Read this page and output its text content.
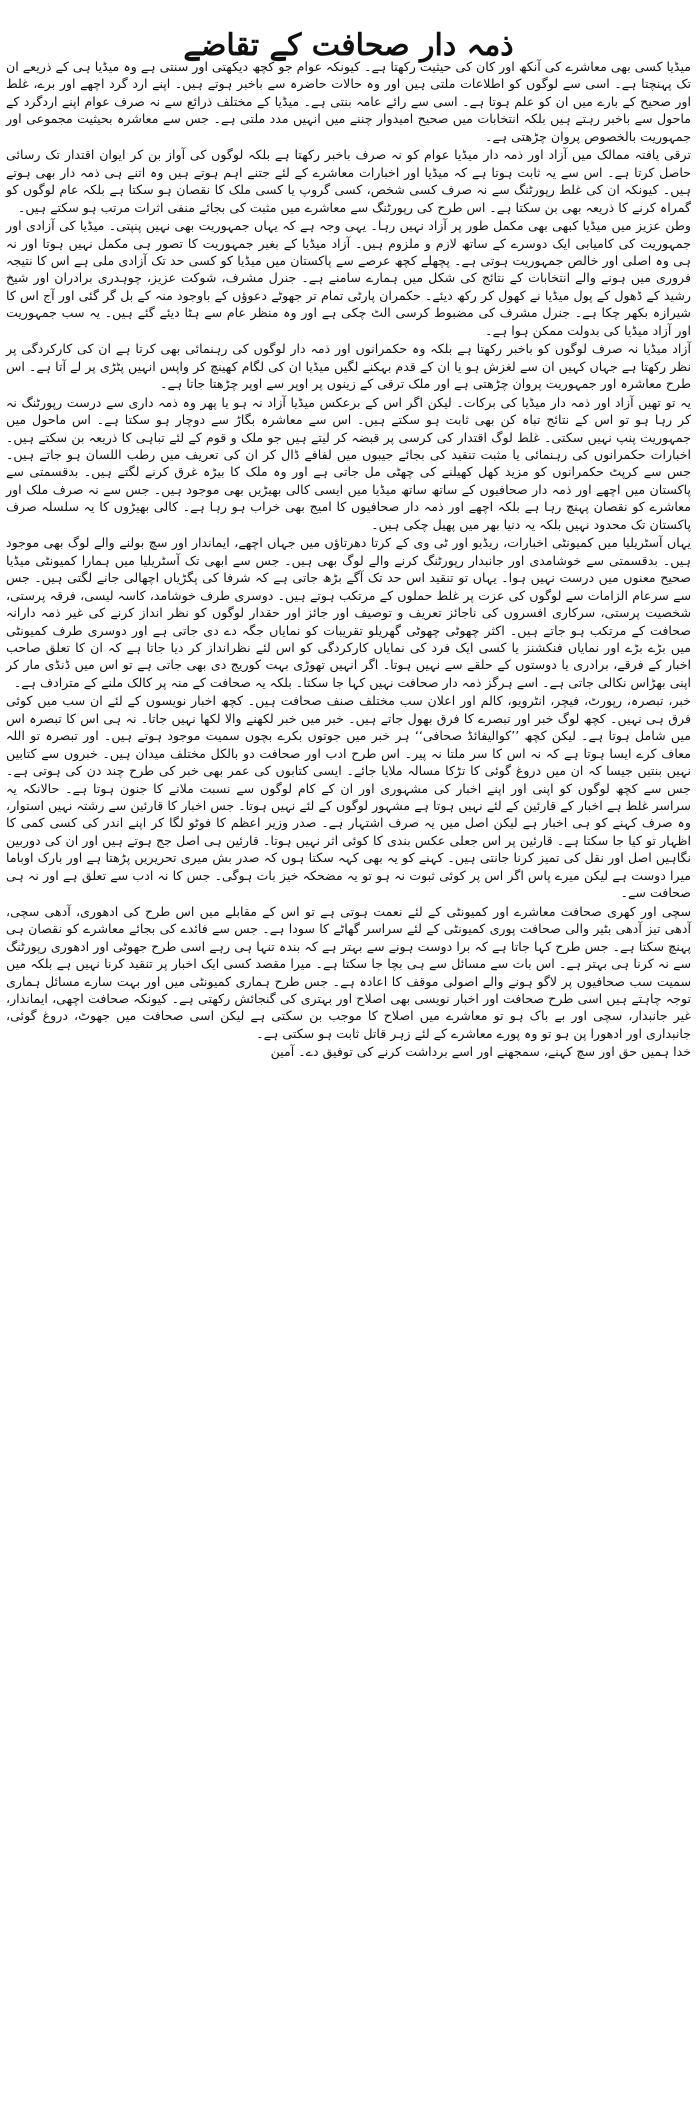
ذمہ دار صحافت کے تقاضے

میڈیا کسی بھی معاشرے کی آنکھ اور کان کی حیثیت رکھتا ہے۔ کیونکہ عوام جو کچھ دیکھتی اور سنتی ہے وہ میڈیا ہی کے ذریعے ان تک پہنچتا ہے۔ اسی سے لوگوں کو اطلاعات ملتی ہیں اور وہ حالات حاضرہ سے باخبر ہوتے ہیں۔ اپنے ارد گرد اچھے اور برے، غلط اور صحیح کے بارے میں ان کو علم ہوتا ہے۔ اسی سے رائے عامہ بنتی ہے۔ میڈیا کے مختلف ذرائع سے نہ صرف عوام اپنے اردگرد کے ماحول سے باخبر رہتے ہیں بلکہ انتخابات میں صحیح امیدوار چننے میں انہیں مدد ملتی ہے۔ جس سے معاشرہ بحیثیت مجموعی اور جمہوریت بالخصوص پروان چڑھتی ہے۔

ترقی یافتہ ممالک میں آزاد اور ذمہ دار میڈیا عوام کو نہ صرف باخبر رکھتا ہے بلکہ لوگوں کی آواز بن کر ایوان اقتدار تک رسائی حاصل کرتا ہے۔ اس سے یہ ثابت ہوتا ہے کہ میڈیا اور اخبارات معاشرے کے لئے جتنے اہم ہوتے ہیں وہ اتنے ہی ذمہ دار بھی ہوتے ہیں۔ کیونکہ ان کی غلط رپورٹنگ سے نہ صرف کسی شخص، کسی گروپ یا کسی ملک کا نقصان ہو سکتا ہے بلکہ عام لوگوں کو گمراہ کرنے کا ذریعہ بھی بن سکتا ہے۔ اس طرح کی رپورٹنگ سے معاشرے میں مثبت کی بجائے منفی اثرات مرتب ہو سکتے ہیں۔

وطن عزیز میں میڈیا کبھی بھی مکمل طور پر آزاد نہیں رہا۔ یہی وجہ ہے کہ یہاں جمہوریت بھی نہیں پنپتی۔ میڈیا کی آزادی اور جمہوریت کی کامیابی ایک دوسرے کے ساتھ لازم و ملزوم ہیں۔ آزاد میڈیا کے بغیر جمہوریت کا تصور ہی مکمل نہیں ہوتا اور نہ ہی وہ اصلی اور خالص جمہوریت ہوتی ہے۔ پچھلے کچھ عرصے سے پاکستان میں میڈیا کو کسی حد تک آزادی ملی ہے اس کا نتیجہ فروری میں ہونے والے انتخابات کے نتائج کی شکل میں ہمارے سامنے ہے۔ جنرل مشرف، شوکت عزیز، چوہدری برادران اور شیخ رشید کے ڈھول کے پول میڈیا نے کھول کر رکھ دیئے۔ حکمران پارٹی تمام تر جھوٹے دعوؤں کے باوجود منہ کے بل گر گئی اور آج اس کا شیرازہ بکھر چکا ہے۔ جنرل مشرف کی مضبوط کرسی الٹ چکی ہے اور وہ منظر عام سے ہٹا دیئے گئے ہیں۔ یہ سب جمہوریت اور آزاد میڈیا کی بدولت ممکن ہوا ہے۔

آزاد میڈیا نہ صرف لوگوں کو باخبر رکھتا ہے بلکہ وہ حکمرانوں اور ذمہ دار لوگوں کی رہنمائی بھی کرتا ہے ان کی کارکردگی پر نظر رکھتا ہے جہاں کہیں ان سے لغزش ہو یا ان کے قدم بہکنے لگیں میڈیا ان کی لگام کھینچ کر واپس انہیں پٹڑی پر لے آتا ہے۔ اس طرح معاشرہ اور جمہوریت پروان چڑھتی ہے اور ملک ترقی کے زینوں پر اوپر سے اوپر چڑھتا جاتا ہے۔

یہ تو تھیں آزاد اور ذمہ دار میڈیا کی برکات۔ لیکن اگر اس کے برعکس میڈیا آزاد نہ ہو یا پھر وہ ذمہ داری سے درست رپورٹنگ نہ کر رہا ہو تو اس کے نتائج تباہ کن بھی ثابت ہو سکتے ہیں۔ اس سے معاشرہ بگاڑ سے دوچار ہو سکتا ہے۔ اس ماحول میں جمہوریت پنپ نہیں سکتی۔ غلط لوگ اقتدار کی کرسی پر قبضہ کر لیتے ہیں جو ملک و قوم کے لئے تباہی کا ذریعہ بن سکتے ہیں۔ اخبارات حکمرانوں کی رہنمائی یا مثبت تنقید کی بجائے جیبوں میں لفافے ڈال کر ان کی تعریف میں رطب اللسان ہو جاتے ہیں۔ جس سے کرپٹ حکمرانوں کو مزید کھل کھیلنے کی چھٹی مل جاتی ہے اور وہ ملک کا بیڑہ غرق کرنے لگتے ہیں۔ بدقسمتی سے پاکستان میں اچھے اور ذمہ دار صحافیوں کے ساتھ ساتھ میڈیا میں ایسی کالی بھیڑیں بھی موجود ہیں۔ جس سے نہ صرف ملک اور معاشرے کو نقصان پہنچ رہا ہے بلکہ اچھے اور ذمہ دار صحافیوں کا امیج بھی خراب ہو رہا ہے۔ کالی بھیڑوں کا یہ سلسلہ صرف پاکستان تک محدود نہیں بلکہ یہ دنیا بھر میں پھیل چکی ہیں۔

یہاں آسٹریلیا میں کمیونٹی اخبارات، ریڈیو اور ٹی وی کے کرتا دھرتاؤں میں جہاں اچھے، ایماندار اور سچ بولنے والے لوگ بھی موجود ہیں۔ بدقسمتی سے خوشامدی اور جانبدار رپورٹنگ کرنے والے لوگ بھی ہیں۔ جس سے ابھی تک آسٹریلیا میں ہمارا کمیونٹی میڈیا صحیح معنوں میں درست نہیں ہوا۔ یہاں تو تنقید اس حد تک آگے بڑھ جاتی ہے کہ شرفا کی پگڑیاں اچھالی جانے لگتی ہیں۔ جس سے سرعام الزامات سے لوگوں کی عزت پر غلط حملوں کے مرتکب ہوتے ہیں۔ دوسری طرف خوشامد، کاسہ لیسی، فرقہ پرستی، شخصیت پرستی، سرکاری افسروں کی ناجائز تعریف و توصیف اور جائز اور حقدار لوگوں کو نظر انداز کرنے کی غیر ذمہ دارانہ صحافت کے مرتکب ہو جاتے ہیں۔ اکثر چھوٹی چھوٹی گھریلو تقریبات کو نمایاں جگہ دے دی جاتی ہے اور دوسری طرف کمیونٹی میں بڑے بڑے اور نمایاں فنکشنز یا کسی ایک فرد کی نمایاں کارکردگی کو اس لئے نظرانداز کر دیا جاتا ہے کہ ان کا تعلق صاحب اخبار کے فرقے، برادری یا دوستوں کے حلقے سے نہیں ہوتا۔ اگر انہیں تھوڑی بہت کوریج دی بھی جاتی ہے تو اس میں ڈنڈی مار کر اپنی بھڑاس نکالی جاتی ہے۔ اسے ہرگز ذمہ دار صحافت نہیں کہا جا سکتا۔ بلکہ یہ صحافت کے منہ پر کالک ملنے کے مترادف ہے۔

خبر، تبصرہ، رپورٹ، فیچر، انٹرویو، کالم اور اعلان سب مختلف صنف صحافت ہیں۔ کچھ اخبار نویسوں کے لئے ان سب میں کوئی فرق ہی نہیں۔ کچھ لوگ خبر اور تبصرے کا فرق بھول جاتے ہیں۔ خبر میں خبر لکھنے والا لکھا نہیں جاتا۔ نہ ہی اس کا تبصرہ اس میں شامل ہوتا ہے۔ لیکن کچھ ’’کوالیفائڈ صحافی‘‘ ہر خبر میں جوتوں بکرے بچوں سمیت موجود ہوتے ہیں۔ اور تبصرہ تو اللہ معاف کرے ایسا ہوتا ہے کہ نہ اس کا سر ملتا نہ پیر۔ اس طرح ادب اور صحافت دو بالکل مختلف میدان ہیں۔ خبروں سے کتابیں نہیں بنتیں جیسا کہ ان میں دروغ گوئی کا تڑکا مسالہ ملایا جائے۔ ایسی کتابوں کی عمر بھی خبر کی طرح چند دن کی ہوتی ہے۔ جس سے کچھ لوگوں کو اپنی اور اپنے اخبار کی مشہوری اور ان کے کام لوگوں سے نسبت ملانے کا جنون ہوتا ہے۔ حالانکہ یہ سراسر غلط ہے اخبار کے قارئین کے لئے نہیں ہوتا ہے مشہور لوگوں کے لئے نہیں ہوتا۔ جس اخبار کا قارئین سے رشتہ نہیں استوار، وہ صرف کہنے کو ہی اخبار ہے لیکن اصل میں یہ صرف اشتہار ہے۔ صدر وزیر اعظم کا فوٹو لگا کر اپنے اندر کی کسی کمی کا اظہار تو کیا جا سکتا ہے۔ قارئین پر اس جعلی عکس بندی کا کوئی اثر نہیں ہوتا۔ قارئین ہی اصل جج ہوتے ہیں اور ان کی دوربین نگاہیں اصل اور نقل کی تمیز کرنا جانتی ہیں۔ کہنے کو یہ بھی کہہ سکتا ہوں کہ صدر بش میری تحریریں پڑھتا ہے اور بارک اوباما میرا دوست ہے لیکن میرے پاس اگر اس پر کوئی ثبوت نہ ہو تو یہ مضحکہ خیز بات ہوگی۔ جس کا نہ ادب سے تعلق ہے اور نہ ہی صحافت سے۔

سچی اور کھری صحافت معاشرے اور کمیونٹی کے لئے نعمت ہوتی ہے تو اس کے مقابلے میں اس طرح کی ادھوری، آدھی سچی، آدھی تیز آدھی بٹیر والی صحافت پوری کمیونٹی کے لئے سراسر گھاٹے کا سودا ہے۔ جس سے فائدے کی بجائے معاشرے کو نقصان ہی پہنچ سکتا ہے۔ جس طرح کہا جاتا ہے کہ برا دوست ہونے سے بہتر ہے کہ بندہ تنہا ہی رہے اسی طرح جھوٹی اور ادھوری رپورٹنگ سے نہ کرنا ہی بہتر ہے۔ اس بات سے مسائل سے ہی بچا جا سکتا ہے۔ میرا مقصد کسی ایک اخبار پر تنقید کرنا نہیں ہے بلکہ میں سمیت سب صحافیوں پر لاگو ہونے والے اصولی موقف کا اعادہ ہے۔ جس طرح ہماری کمیونٹی میں اور بہت سارے مسائل ہماری توجہ چاہتے ہیں اسی طرح صحافت اور اخبار نویسی بھی اصلاح اور بہتری کی گنجائش رکھتی ہے۔ کیونکہ صحافت اچھی، ایماندار، غیر جانبدار، سچی اور بے باک ہو تو معاشرے میں اصلاح کا موجب بن سکتی ہے لیکن اسی صحافت میں جھوٹ، دروغ گوئی، جانبداری اور ادھورا پن ہو تو وہ پورے معاشرے کے لئے زہر قاتل ثابت ہو سکتی ہے۔

خدا ہمیں حق اور سچ کہنے، سمجھنے اور اسے برداشت کرنے کی توفیق دے۔ آمین
